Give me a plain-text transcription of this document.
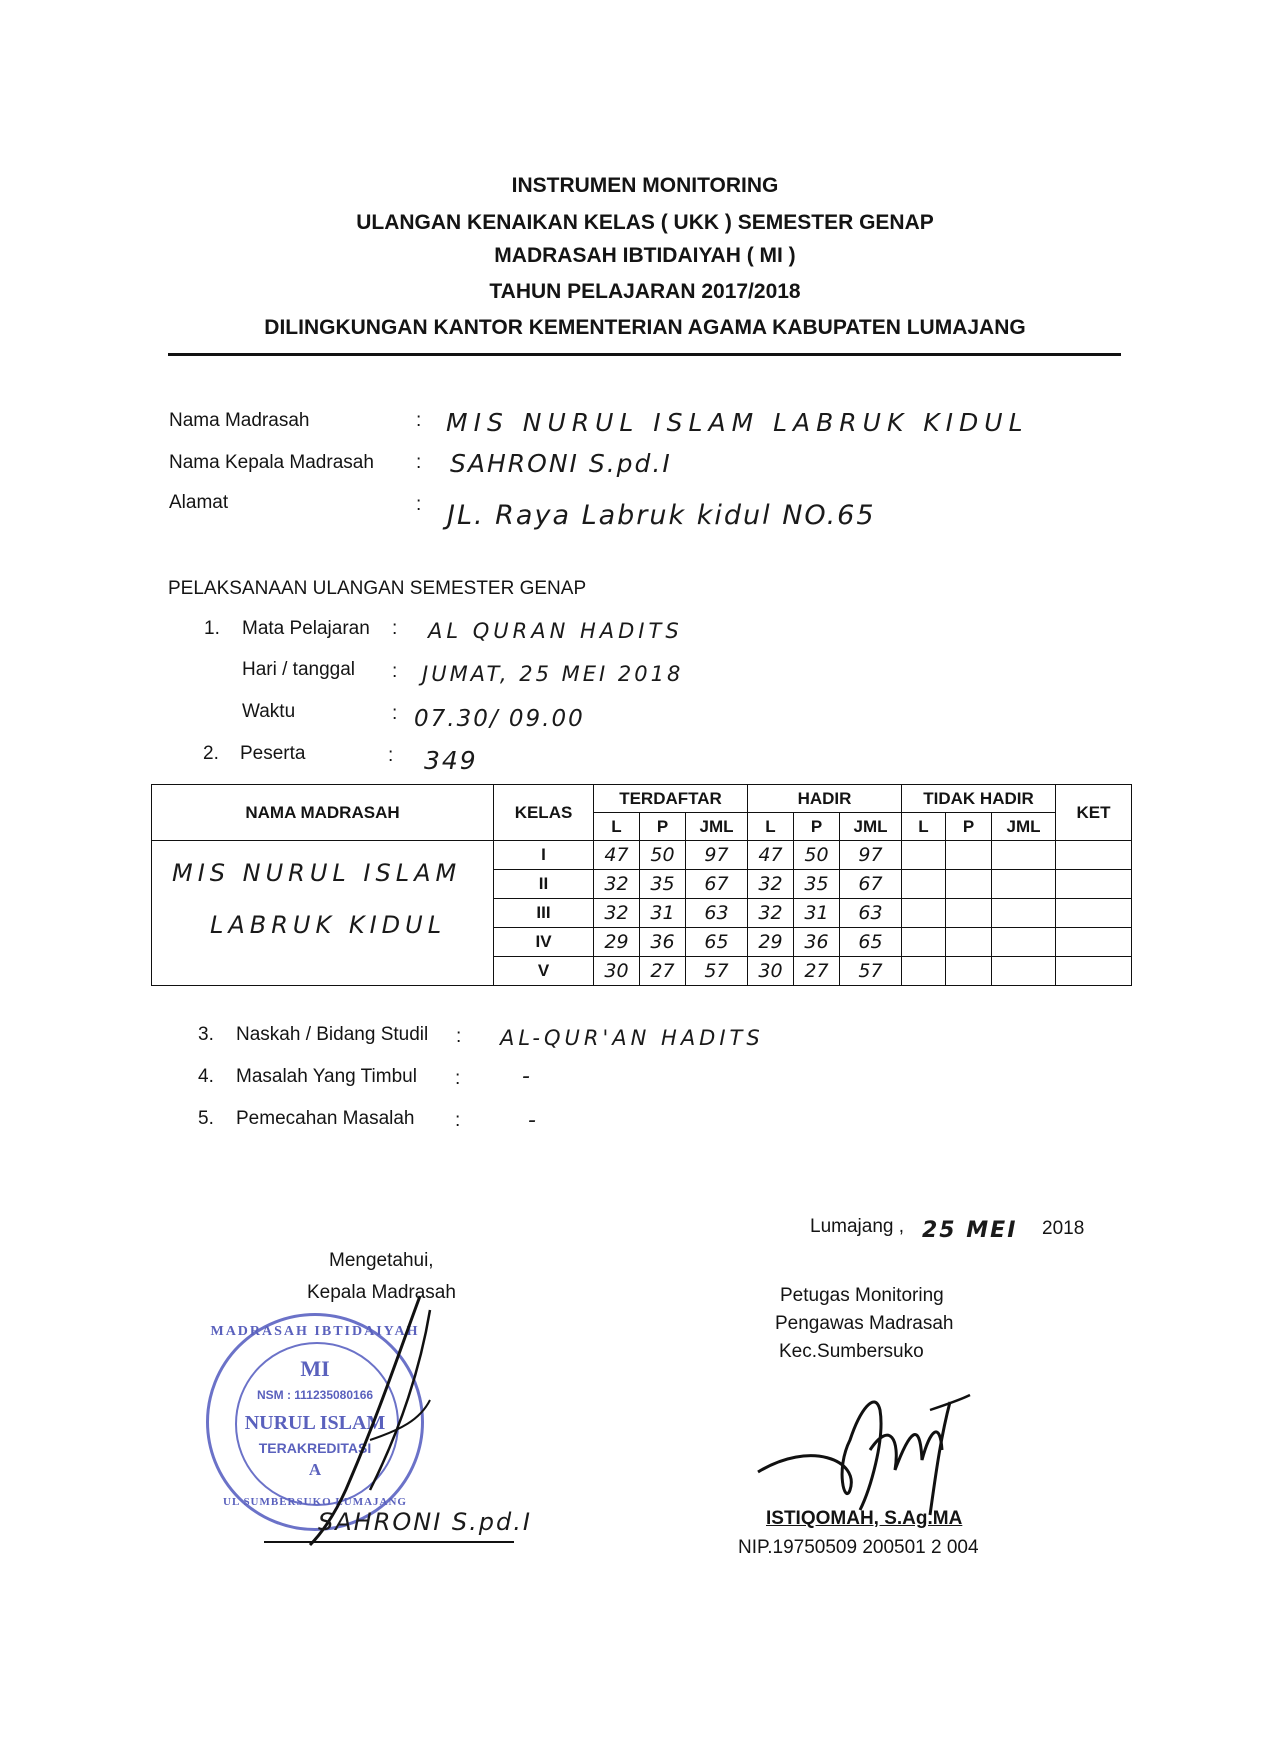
INSTRUMEN MONITORING
ULANGAN KENAIKAN KELAS ( UKK ) SEMESTER GENAP
MADRASAH IBTIDAIYAH ( MI )
TAHUN PELAJARAN 2017/2018
DILINGKUNGAN KANTOR KEMENTERIAN AGAMA KABUPATEN LUMAJANG
Nama Madrasah	: MIS NURUL ISLAM LABRUK KIDUL
Nama Kepala Madrasah : SAHRONI S.pd.I
Alamat	: JL. Raya Labruk kidul NO.65
PELAKSANAAN ULANGAN SEMESTER GENAP
1. Mata Pelajaran : AL QURAN HADITS
Hari / tanggal : JUMAT, 25 MEI 2018
Waktu	: 07.30/ 09.00
2. Peserta	: 349
NAMA MADRASAH	KELAS	TERDAFTAR			HADIR			TIDAK HADIR			KET
		L	P	JML	L	P	JML	L	P	JML	

MIS NURUL ISLAM
LABRUK KIDUL	I	47	50	97	47	50	97				
	II	32	35	67	32	35	67				
	III	32	31	63	32	31	63				
	IV	29	36	65	29	36	65				
	V	30	27	57	30	27	57				
3. Naskah / Bidang Studil : AL-QUR'AN HADITS
4. Masalah Yang Timbul :	-
5. Pemecahan Masalah :	-
Lumajang , 25 MEI 2018
Mengetahui,
Kepala Madrasah
MADRASAH IBTIDAIYAH
MI
NSM : 111235080166
NURUL ISLAM
TERAKREDITASI
A
UL SUMBERSUKO LUMAJANG
SAHRONI S.pd.I
Petugas Monitoring
Pengawas Madrasah
Kec.Sumbersuko
ISTIQOMAH, S.Ag.MA
NIP.19750509 200501 2 004
